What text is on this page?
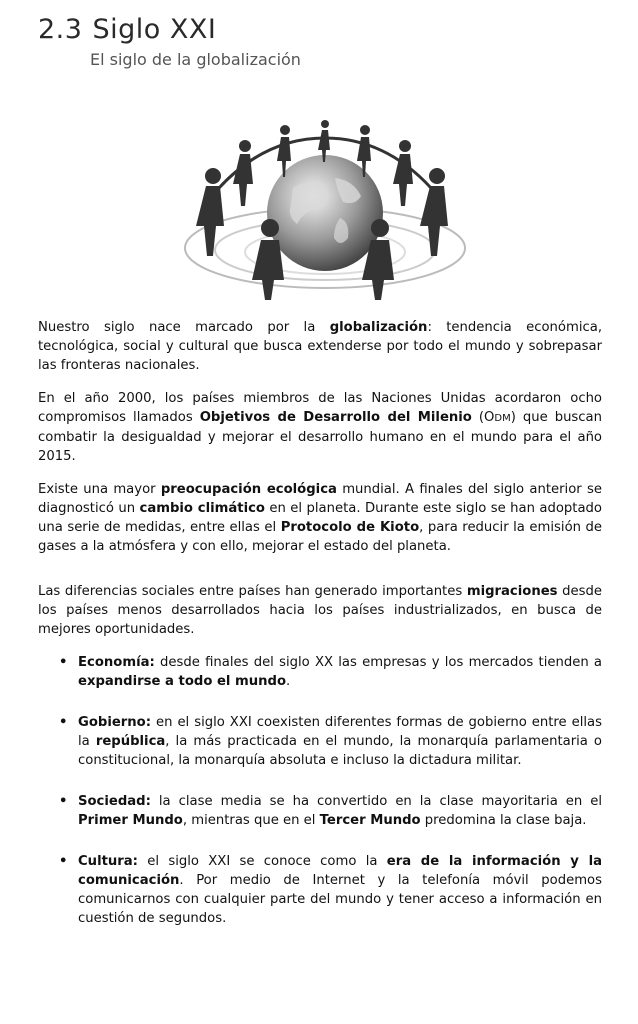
2.3 Siglo XXI
El siglo de la globalización

Nuestro siglo nace marcado por la globalización: tendencia económica, tecnológica, social y cultural que busca extenderse por todo el mundo y sobrepasar las fronteras nacionales.

En el año 2000, los países miembros de las Naciones Unidas acordaron ocho compromisos llamados Objetivos de Desarrollo del Milenio (ODM) que buscan combatir la desigualdad y mejorar el desarrollo humano en el mundo para el año 2015.

Existe una mayor preocupación ecológica mundial. A finales del siglo anterior se diagnosticó un cambio climático en el planeta. Durante este siglo se han adoptado una serie de medidas, entre ellas el Protocolo de Kioto, para reducir la emisión de gases a la atmósfera y con ello, mejorar el estado del planeta.

Las diferencias sociales entre países han generado importantes migraciones desde los países menos desarrollados hacia los países industrializados, en busca de mejores oportunidades.

• Economía: desde finales del siglo XX las empresas y los mercados tienden a expandirse a todo el mundo.
• Gobierno: en el siglo XXI coexisten diferentes formas de gobierno entre ellas la república, la más practicada en el mundo, la monarquía parlamentaria o constitucional, la monarquía absoluta e incluso la dictadura militar.
• Sociedad: la clase media se ha convertido en la clase mayoritaria en el Primer Mundo, mientras que en el Tercer Mundo predomina la clase baja.
• Cultura: el siglo XXI se conoce como la era de la información y la comunicación. Por medio de Internet y la telefonía móvil podemos comunicarnos con cualquier parte del mundo y tener acceso a información en cuestión de segundos.
